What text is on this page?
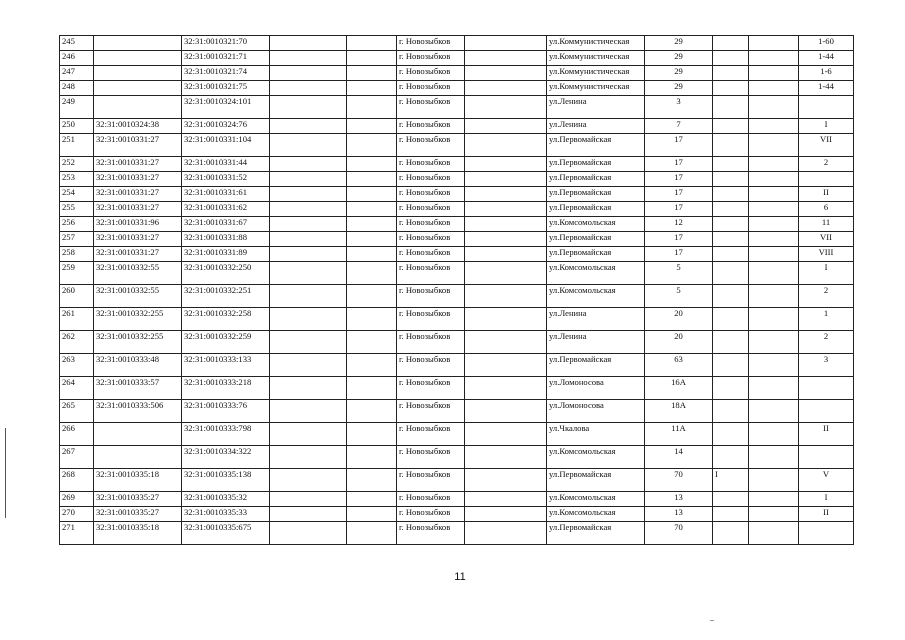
245		32:31:0010321:70			г. Новозыбков		ул.Коммунистическая	29			1-60
246		32:31:0010321:71			г. Новозыбков		ул.Коммунистическая	29			1-44
247		32:31:0010321:74			г. Новозыбков		ул.Коммунистическая	29			1-6
248		32:31:0010321:75			г. Новозыбков		ул.Коммунистическая	29			1-44
249		32:31:0010324:101			г. Новозыбков		ул.Ленина	3			
250	32:31:0010324:38	32:31:0010324:76			г. Новозыбков		ул.Ленина	7			I
251	32:31:0010331:27	32:31:0010331:104			г. Новозыбков		ул.Первомайская	17			VII
252	32:31:0010331:27	32:31:0010331:44			г. Новозыбков		ул.Первомайская	17			2
253	32:31:0010331:27	32:31:0010331:52			г. Новозыбков		ул.Первомайская	17			
254	32:31:0010331:27	32:31:0010331:61			г. Новозыбков		ул.Первомайская	17			II
255	32:31:0010331:27	32:31:0010331:62			г. Новозыбков		ул.Первомайская	17			6
256	32:31:0010331:96	32:31:0010331:67			г. Новозыбков		ул.Комсомольская	12			11
257	32:31:0010331:27	32:31:0010331:88			г. Новозыбков		ул.Первомайская	17			VII
258	32:31:0010331:27	32:31:0010331:89			г. Новозыбков		ул.Первомайская	17			VIII
259	32:31:0010332:55	32:31:0010332:250			г. Новозыбков		ул.Комсомольская	5			I
260	32:31:0010332:55	32:31:0010332:251			г. Новозыбков		ул.Комсомольская	5			2
261	32:31:0010332:255	32:31:0010332:258			г. Новозыбков		ул.Ленина	20			1
262	32:31:0010332:255	32:31:0010332:259			г. Новозыбков		ул.Ленина	20			2
263	32:31:0010333:48	32:31:0010333:133			г. Новозыбков		ул.Первомайская	63			3
264	32:31:0010333:57	32:31:0010333:218			г. Новозыбков		ул.Ломоносова	16А			
265	32:31:0010333:506	32:31:0010333:76			г. Новозыбков		ул.Ломоносова	18А			
266		32:31:0010333:798			г. Новозыбков		ул.Чкалова	11А			II
267		32:31:0010334:322			г. Новозыбков		ул.Комсомольская	14			
268	32:31:0010335:18	32:31:0010335:138			г. Новозыбков		ул.Первомайская	70	I		V
269	32:31:0010335:27	32:31:0010335:32			г. Новозыбков		ул.Комсомольская	13			I
270	32:31:0010335:27	32:31:0010335:33			г. Новозыбков		ул.Комсомольская	13			II
271	32:31:0010335:18	32:31:0010335:675			г. Новозыбков		ул.Первомайская	70			
11
